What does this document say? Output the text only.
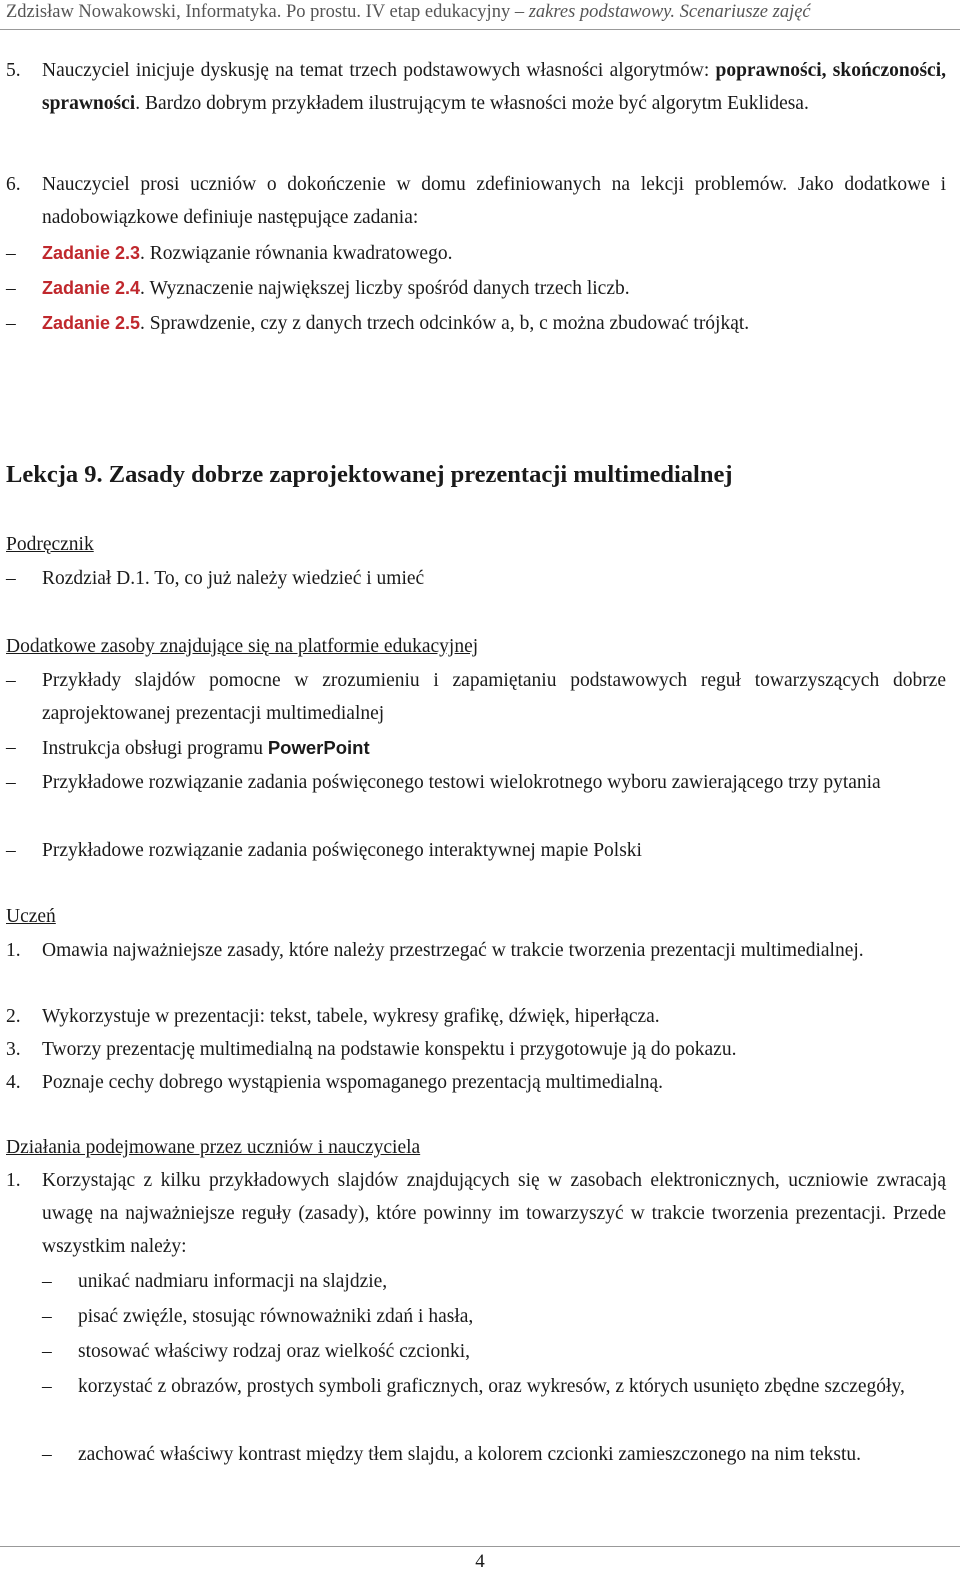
Zdzisław Nowakowski, Informatyka. Po prostu. IV etap edukacyjny – zakres podstawowy. Scenariusze zajęć
5.	Nauczyciel inicjuje dyskusję na temat trzech podstawowych własności algorytmów: poprawności, skończoności, sprawności. Bardzo dobrym przykładem ilustrującym te własności może być algorytm Euklidesa.
6.	Nauczyciel prosi uczniów o dokończenie w domu zdefiniowanych na lekcji problemów. Jako dodatkowe i nadobowiązkowe definiuje następujące zadania:
– Zadanie 2.3. Rozwiązanie równania kwadratowego.
– Zadanie 2.4. Wyznaczenie największej liczby spośród danych trzech liczb.
– Zadanie 2.5. Sprawdzenie, czy z danych trzech odcinków a, b, c można zbudować trójkąt.
Lekcja 9. Zasady dobrze zaprojektowanej prezentacji multimedialnej
Podręcznik
– Rozdział D.1. To, co już należy wiedzieć i umieć
Dodatkowe zasoby znajdujące się na platformie edukacyjnej
– Przykłady slajdów pomocne w zrozumieniu i zapamiętaniu podstawowych reguł towarzyszących dobrze zaprojektowanej prezentacji multimedialnej
– Instrukcja obsługi programu PowerPoint
– Przykładowe rozwiązanie zadania poświęconego testowi wielokrotnego wyboru zawierającego trzy pytania
– Przykładowe rozwiązanie zadania poświęconego interaktywnej mapie Polski
Uczeń
1.	Omawia najważniejsze zasady, które należy przestrzegać w trakcie tworzenia prezentacji multimedialnej.
2.	Wykorzystuje w prezentacji: tekst, tabele, wykresy grafikę, dźwięk, hiperłącza.
3.	Tworzy prezentację multimedialną na podstawie konspektu i przygotowuje ją do pokazu.
4.	Poznaje cechy dobrego wystąpienia wspomaganego prezentacją multimedialną.
Działania podejmowane przez uczniów i nauczyciela
1.	Korzystając z kilku przykładowych slajdów znajdujących się w zasobach elektronicznych, uczniowie zwracają uwagę na najważniejsze reguły (zasady), które powinny im towarzyszyć w trakcie tworzenia prezentacji. Przede wszystkim należy:
– unikać nadmiaru informacji na slajdzie,
– pisać zwięźle, stosując równoważniki zdań i hasła,
– stosować właściwy rodzaj oraz wielkość czcionki,
– korzystać z obrazów, prostych symboli graficznych, oraz wykresów, z których usunięto zbędne szczegóły,
– zachować właściwy kontrast między tłem slajdu, a kolorem czcionki zamieszczonego na nim tekstu.
4
